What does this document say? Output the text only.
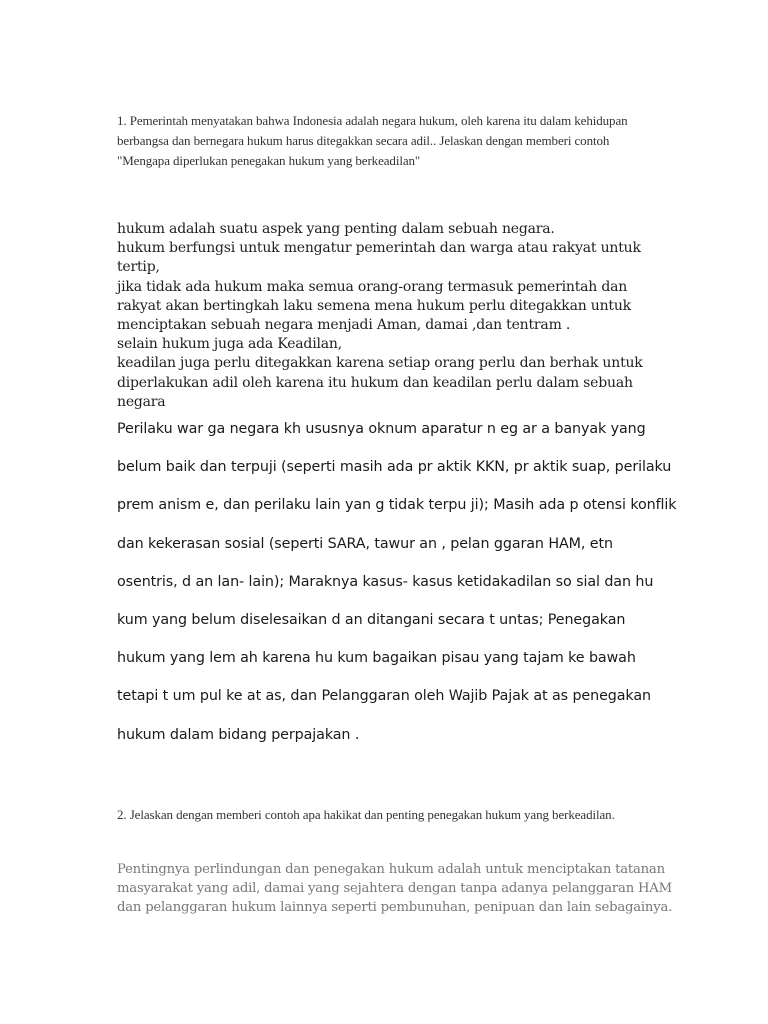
1. Pemerintah menyatakan bahwa Indonesia adalah negara hukum, oleh karena itu dalam kehidupan berbangsa dan bernegara hukum harus ditegakkan secara adil.. Jelaskan dengan memberi contoh "Mengapa diperlukan penegakan hukum yang berkeadilan"
hukum adalah suatu aspek yang penting dalam sebuah negara.
hukum berfungsi untuk mengatur pemerintah dan warga atau rakyat untuk
tertip,
jika tidak ada hukum maka semua orang-orang termasuk pemerintah dan
rakyat akan bertingkah laku semena mena hukum perlu ditegakkan untuk
menciptakan sebuah negara menjadi Aman, damai ,dan tentram .
selain hukum juga ada Keadilan,
keadilan juga perlu ditegakkan karena setiap orang perlu dan berhak untuk
diperlakukan adil oleh karena itu hukum dan keadilan perlu dalam sebuah
negara
Perilaku war ga negara kh ususnya oknum aparatur n eg ar a banyak yang
belum baik dan terpuji (seperti masih ada pr aktik KKN, pr aktik suap, perilaku
prem anism e, dan perilaku lain yan g tidak terpu ji); Masih ada p otensi konflik
dan kekerasan sosial (seperti SARA, tawur an , pelan ggaran HAM, etn
osentris, d an lan- lain); Maraknya kasus- kasus ketidakadilan so sial dan hu
kum yang belum diselesaikan d an ditangani secara t untas; Penegakan
hukum yang lem ah karena hu kum bagaikan pisau yang tajam ke bawah
tetapi t um pul ke at as, dan Pelanggaran oleh Wajib Pajak at as penegakan
hukum dalam bidang perpajakan .
2. Jelaskan dengan memberi contoh apa hakikat dan penting penegakan hukum yang berkeadilan.
Pentingnya perlindungan dan penegakan hukum adalah untuk menciptakan tatanan
masyarakat yang adil, damai yang sejahtera dengan tanpa adanya pelanggaran HAM
dan pelanggaran hukum lainnya seperti pembunuhan, penipuan dan lain sebagainya.
